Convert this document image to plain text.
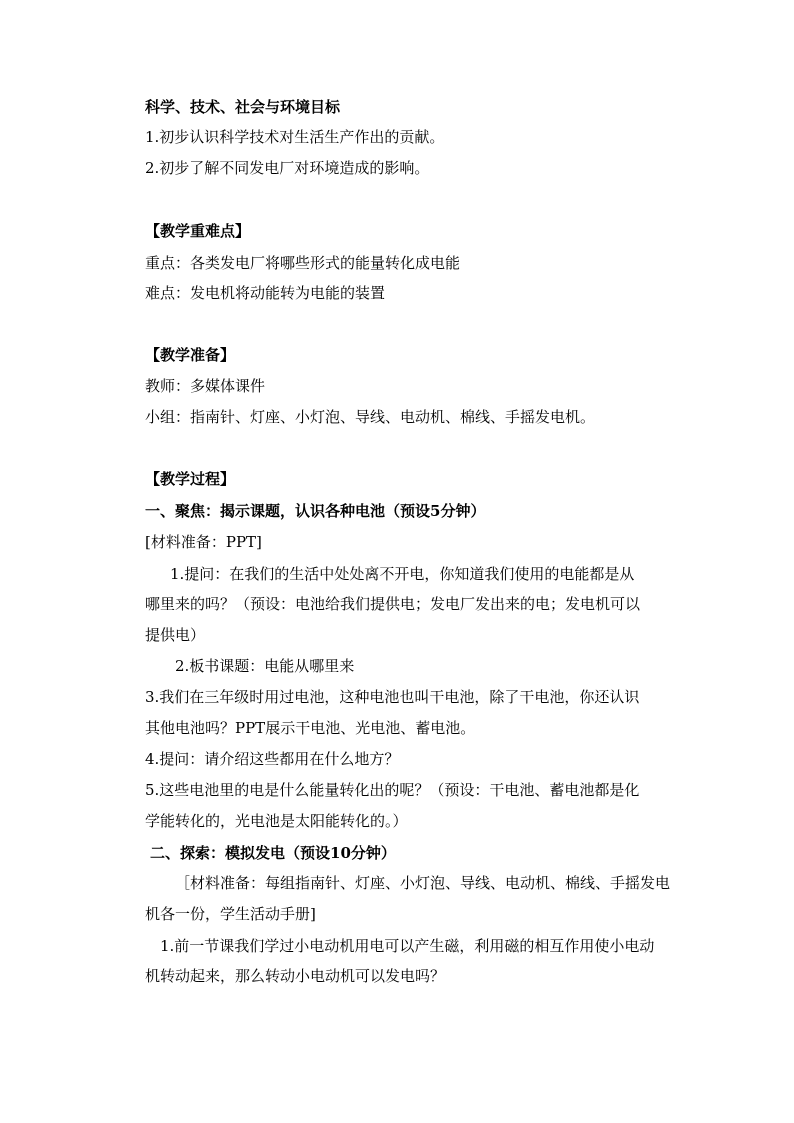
科学、技术、社会与环境目标
1.初步认识科学技术对生活生产作出的贡献。
2.初步了解不同发电厂对环境造成的影响。
【教学重难点】
重点：各类发电厂将哪些形式的能量转化成电能
难点：发电机将动能转为电能的装置
【教学准备】
教师：多媒体课件
小组：指南针、灯座、小灯泡、导线、电动机、棉线、手摇发电机。
【教学过程】
一、聚焦：揭示课题，认识各种电池（预设5分钟）
[材料准备：PPT]
1.提问：在我们的生活中处处离不开电，你知道我们使用的电能都是从
哪里来的吗？（预设：电池给我们提供电；发电厂发出来的电；发电机可以
提供电）
2.板书课题：电能从哪里来
3.我们在三年级时用过电池，这种电池也叫干电池，除了干电池，你还认识
其他电池吗？PPT展示干电池、光电池、蓄电池。
4.提问：请介绍这些都用在什么地方？
5.这些电池里的电是什么能量转化出的呢？（预设：干电池、蓄电池都是化
学能转化的，光电池是太阳能转化的。）
二、探索：模拟发电（预设10分钟）
［材料准备：每组指南针、灯座、小灯泡、导线、电动机、棉线、手摇发电
机各一份，学生活动手册]
1.前一节课我们学过小电动机用电可以产生磁，利用磁的相互作用使小电动
机转动起来，那么转动小电动机可以发电吗？
